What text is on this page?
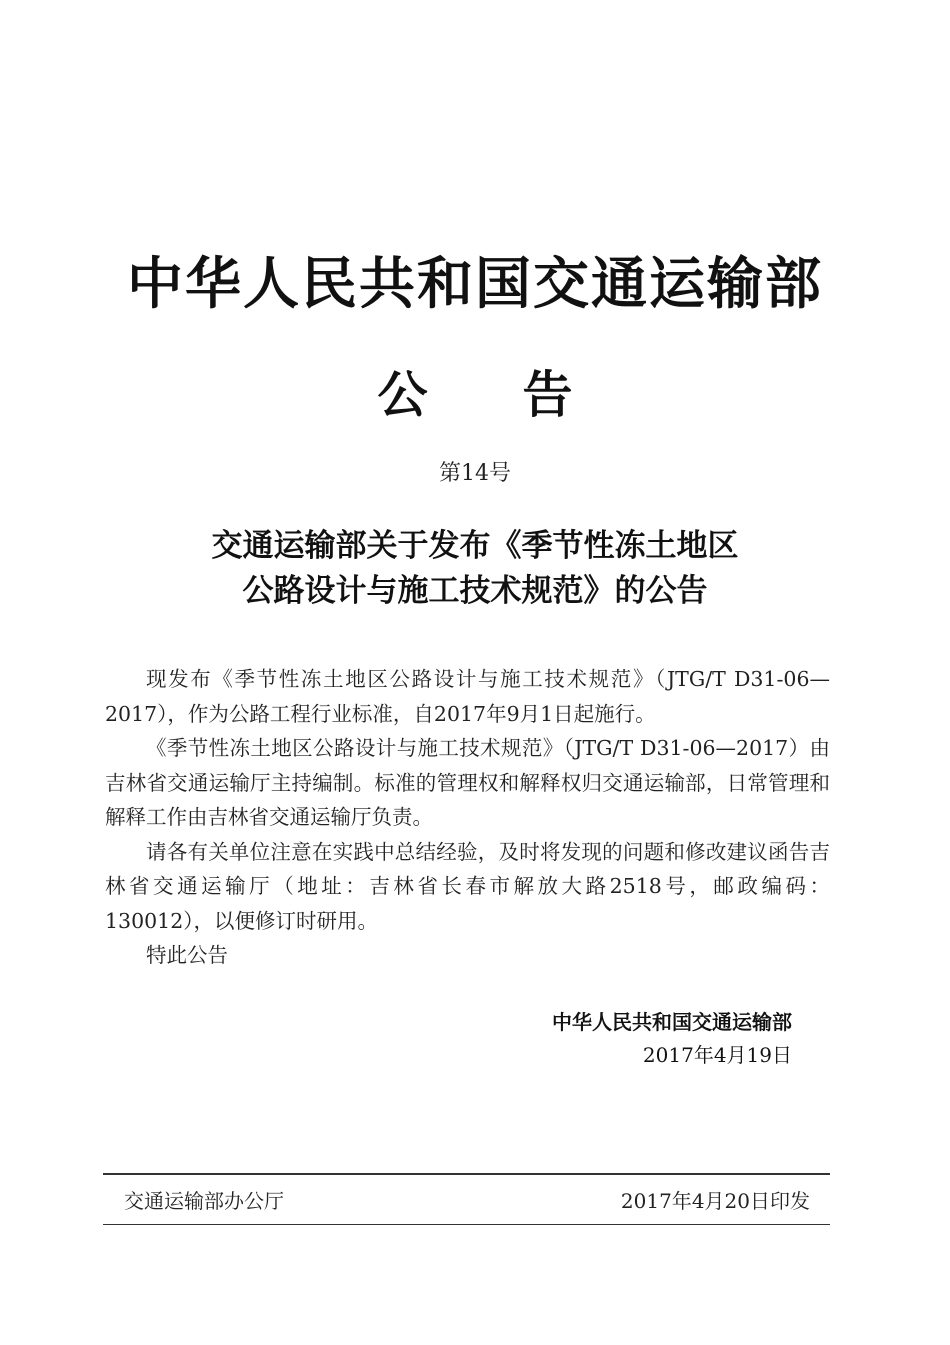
中华人民共和国交通运输部
公 告
第14号
交通运输部关于发布《季节性冻土地区
公路设计与施工技术规范》的公告

现发布《季节性冻土地区公路设计与施工技术规范》（JTG/T D31-06—2017），作为公路工程行业标准，自2017年9月1日起施行。

《季节性冻土地区公路设计与施工技术规范》（JTG/T D31-06—2017）由吉林省交通运输厅主持编制。标准的管理权和解释权归交通运输部，日常管理和解释工作由吉林省交通运输厅负责。

请各有关单位注意在实践中总结经验，及时将发现的问题和修改建议函告吉林省交通运输厅（地址：吉林省长春市解放大路2518号，邮政编码：130012），以便修订时研用。

特此公告

中华人民共和国交通运输部
2017年4月19日
交通运输部办公厅	2017年4月20日印发
